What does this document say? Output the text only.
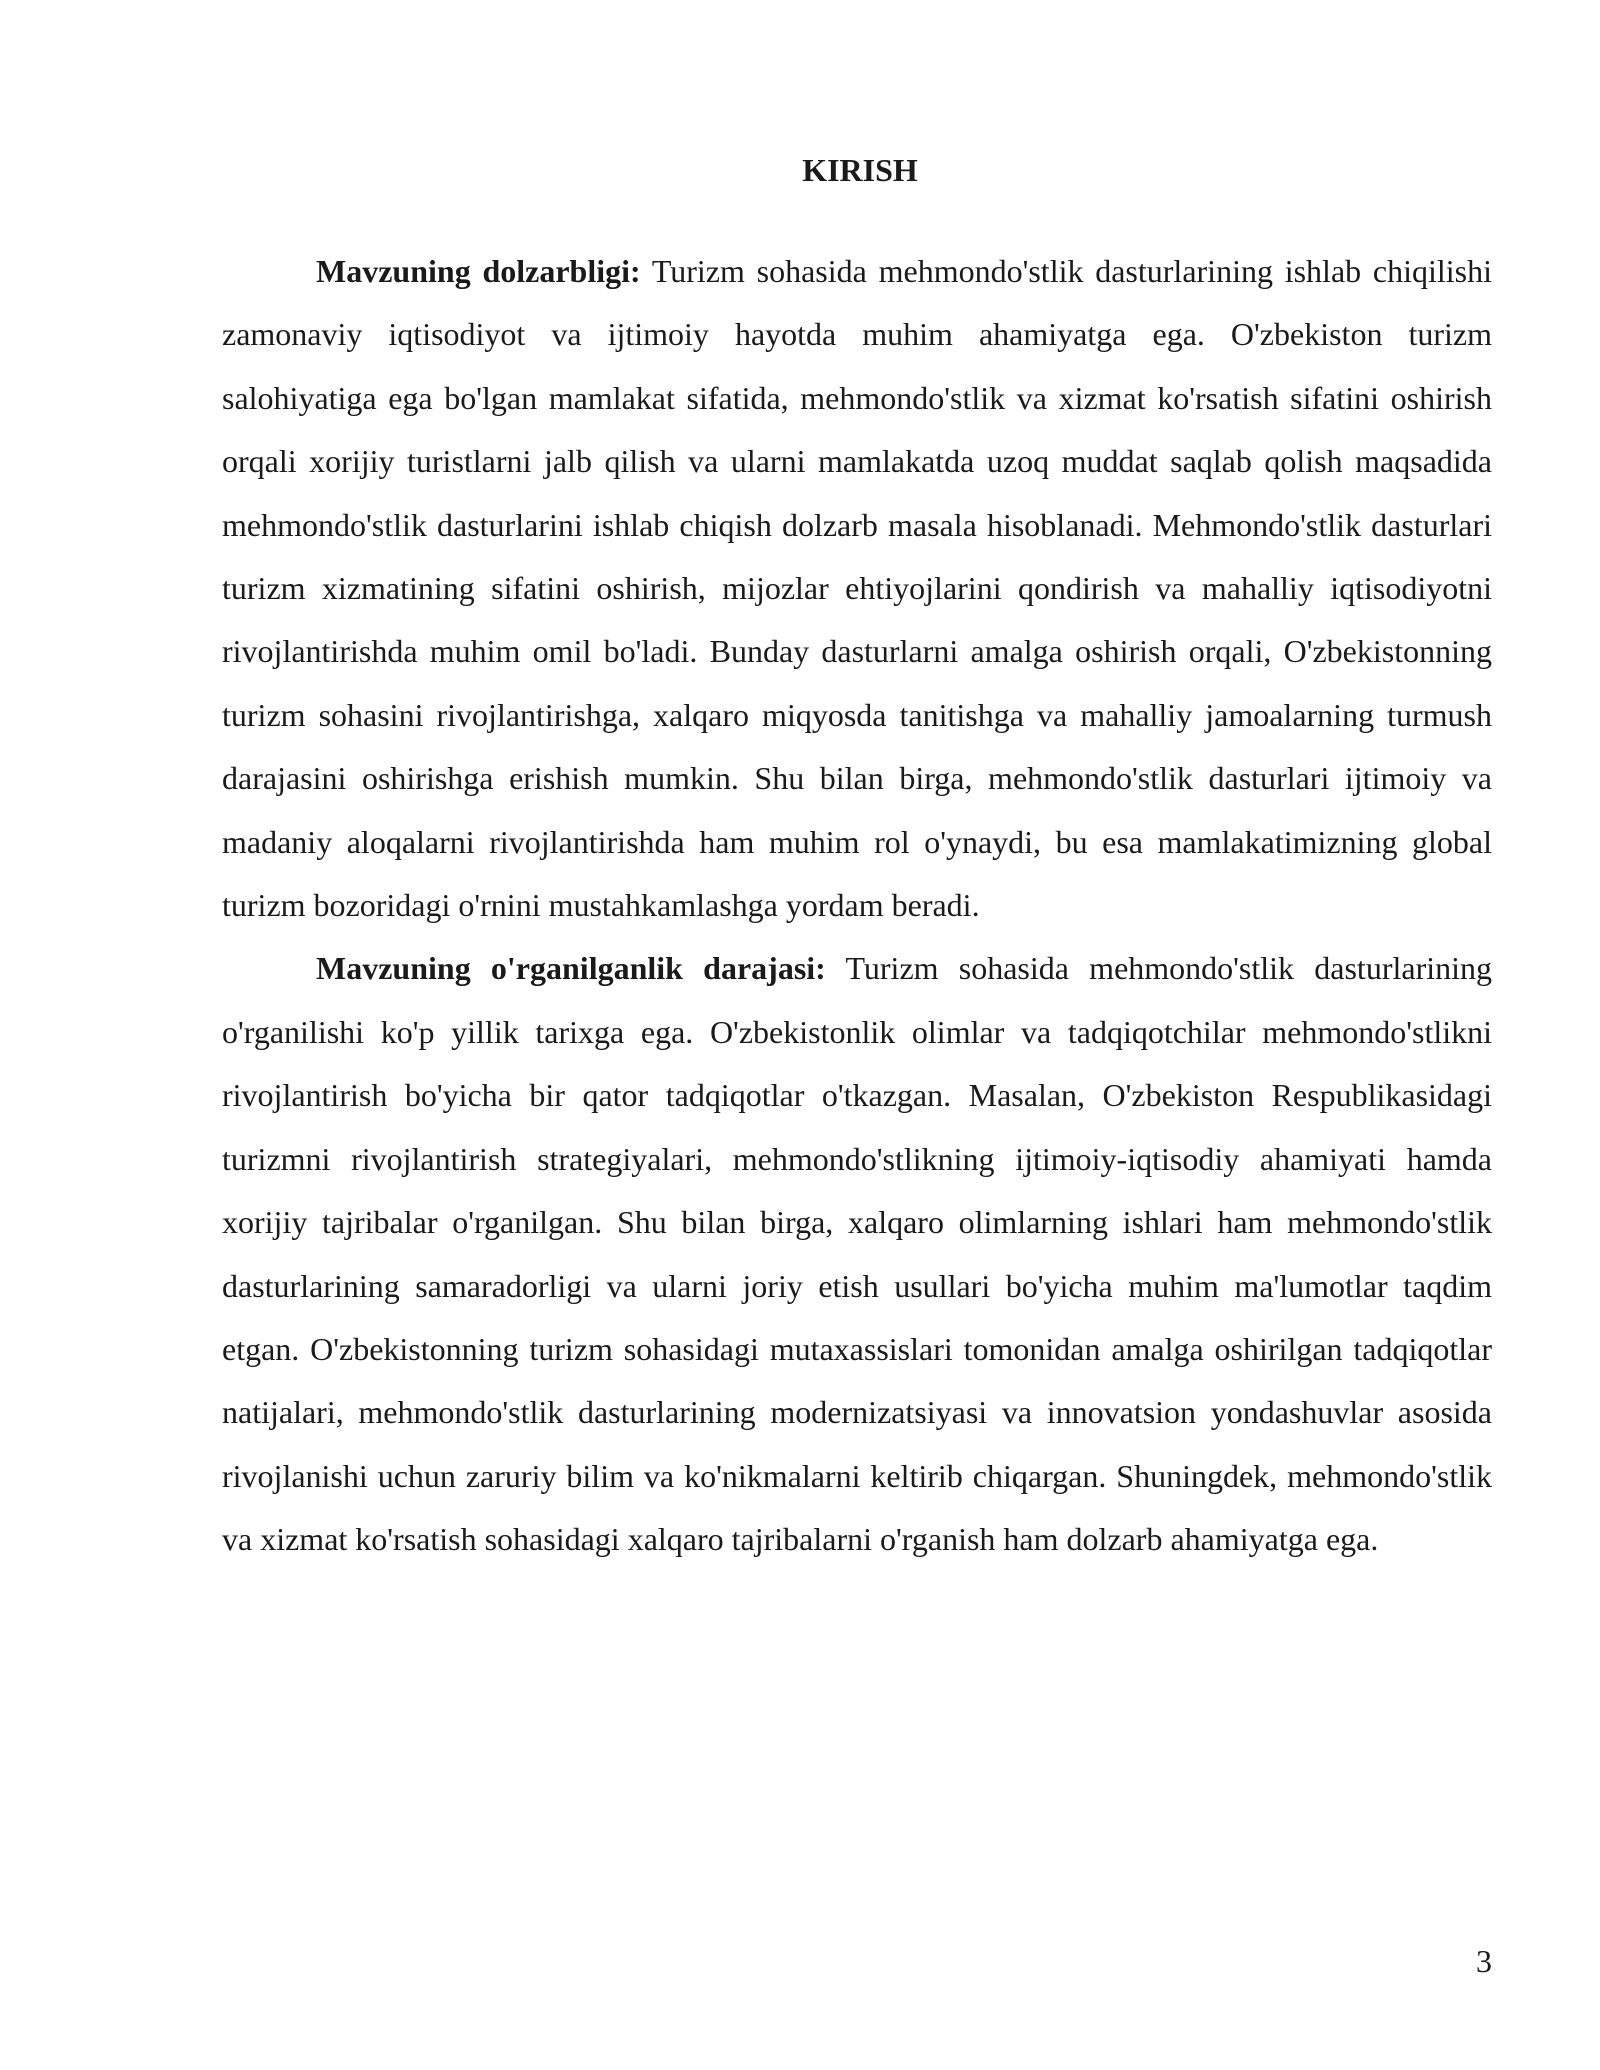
KIRISH

Mavzuning dolzarbligi: Turizm sohasida mehmondo'stlik dasturlarining ishlab chiqilishi zamonaviy iqtisodiyot va ijtimoiy hayotda muhim ahamiyatga ega. O'zbekiston turizm salohiyatiga ega bo'lgan mamlakat sifatida, mehmondo'stlik va xizmat ko'rsatish sifatini oshirish orqali xorijiy turistlarni jalb qilish va ularni mamlakatda uzoq muddat saqlab qolish maqsadida mehmondo'stlik dasturlarini ishlab chiqish dolzarb masala hisoblanadi. Mehmondo'stlik dasturlari turizm xizmatining sifatini oshirish, mijozlar ehtiyojlarini qondirish va mahalliy iqtisodiyotni rivojlantirishda muhim omil bo'ladi. Bunday dasturlarni amalga oshirish orqali, O'zbekistonning turizm sohasini rivojlantirishga, xalqaro miqyosda tanitishga va mahalliy jamoalarning turmush darajasini oshirishga erishish mumkin. Shu bilan birga, mehmondo'stlik dasturlari ijtimoiy va madaniy aloqalarni rivojlantirishda ham muhim rol o'ynaydi, bu esa mamlakatimizning global turizm bozoridagi o'rnini mustahkamlashga yordam beradi.

Mavzuning o'rganilganlik darajasi: Turizm sohasida mehmondo'stlik dasturlarining o'rganilishi ko'p yillik tarixga ega. O'zbekistonlik olimlar va tadqiqotchilar mehmondo'stlikni rivojlantirish bo'yicha bir qator tadqiqotlar o'tkazgan. Masalan, O'zbekiston Respublikasidagi turizmni rivojlantirish strategiyalari, mehmondo'stlikning ijtimoiy-iqtisodiy ahamiyati hamda xorijiy tajribalar o'rganilgan. Shu bilan birga, xalqaro olimlarning ishlari ham mehmondo'stlik dasturlarining samaradorligi va ularni joriy etish usullari bo'yicha muhim ma'lumotlar taqdim etgan. O'zbekistonning turizm sohasidagi mutaxassislari tomonidan amalga oshirilgan tadqiqotlar natijalari, mehmondo'stlik dasturlarining modernizatsiyasi va innovatsion yondashuvlar asosida rivojlanishi uchun zaruriy bilim va ko'nikmalarni keltirib chiqargan. Shuningdek, mehmondo'stlik va xizmat ko'rsatish sohasidagi xalqaro tajribalarni o'rganish ham dolzarb ahamiyatga ega.

3
